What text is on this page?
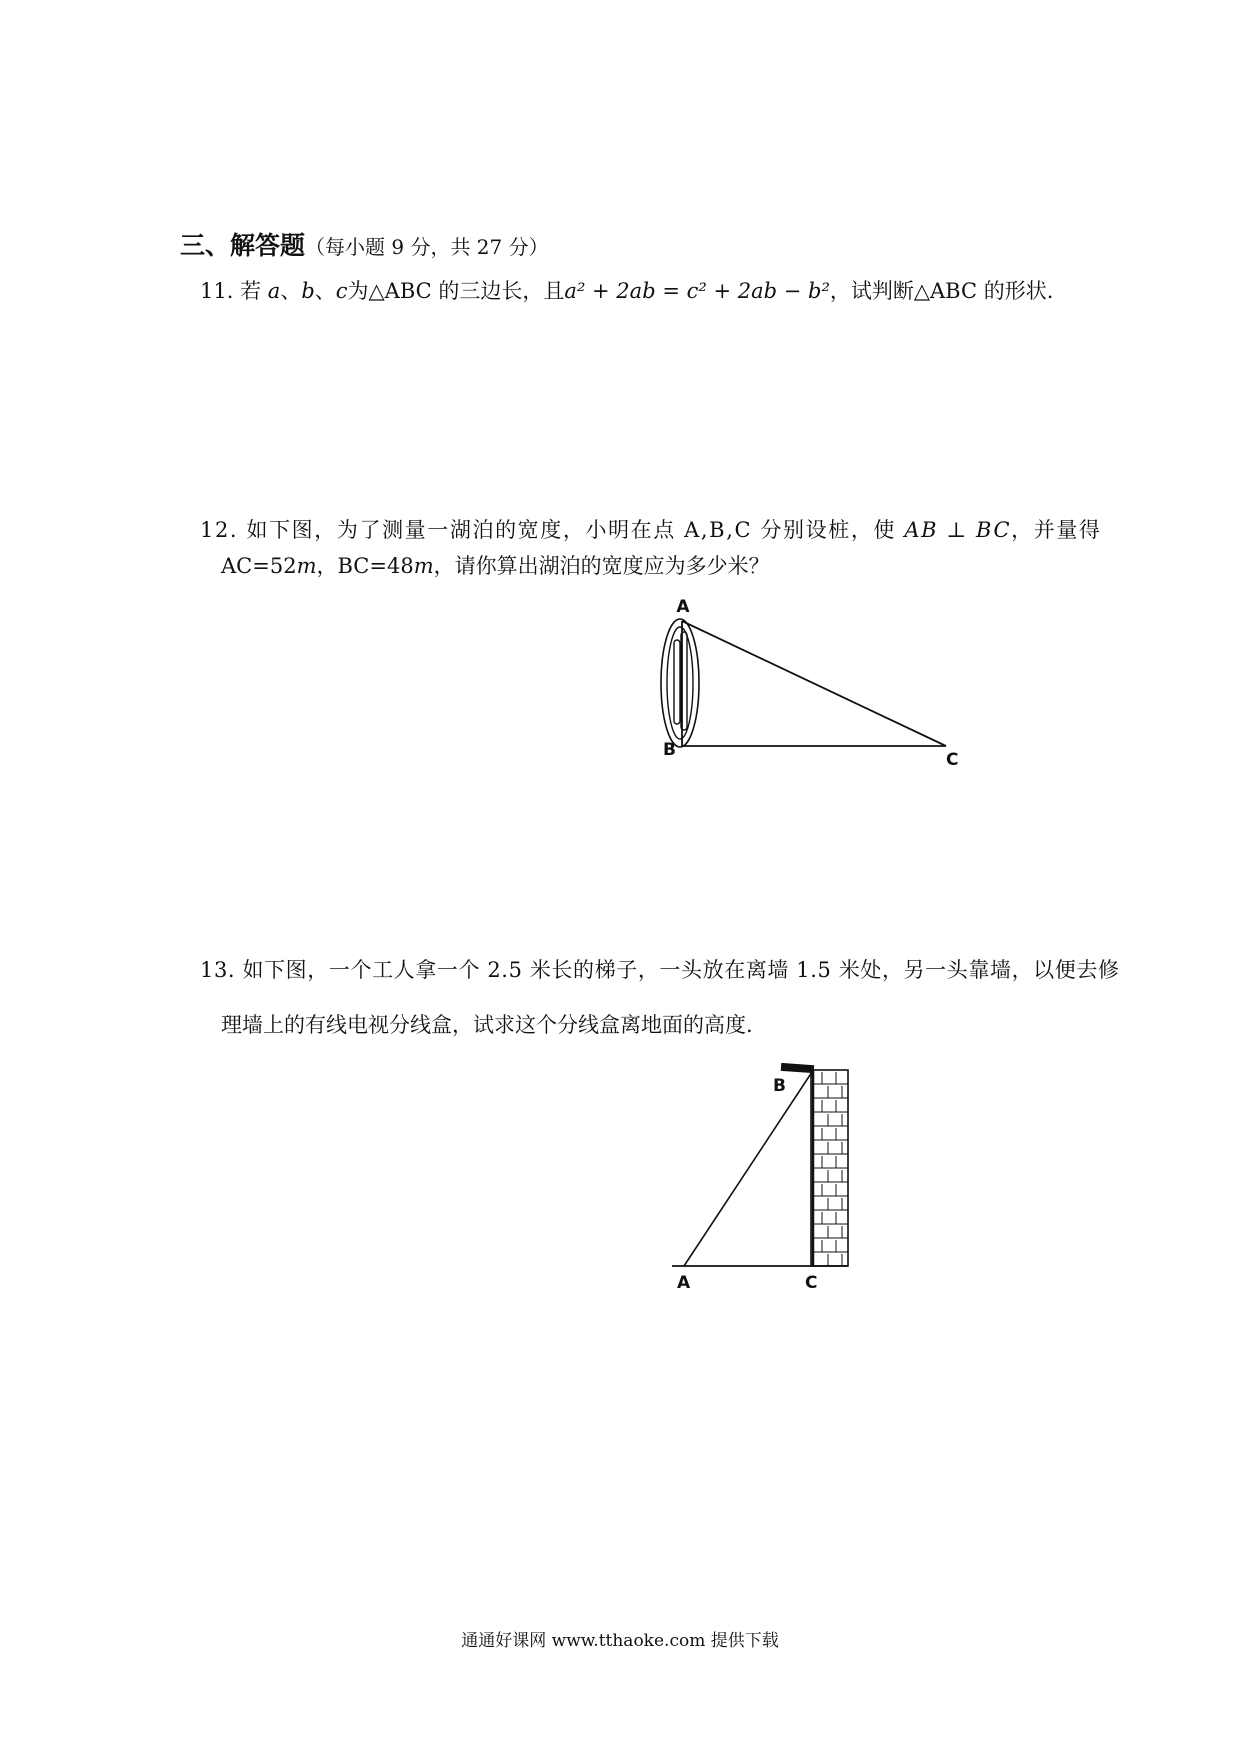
三、解答题（每小题 9 分，共 27 分）
11. 若 a、b、c为△ABC 的三边长，且a² + 2ab = c² + 2ab − b²，试判断△ABC 的形状.
12. 如下图，为了测量一湖泊的宽度，小明在点 A,B,C 分别设桩，使 AB ⊥ BC，并量得
AC=52m，BC=48m，请你算出湖泊的宽度应为多少米？
A
B	C
13. 如下图，一个工人拿一个 2.5 米长的梯子，一头放在离墙 1.5 米处，另一头靠墙，以便去修
理墙上的有线电视分线盒，试求这个分线盒离地面的高度.
B
A	C
通通好课网 www.tthaoke.com 提供下载
